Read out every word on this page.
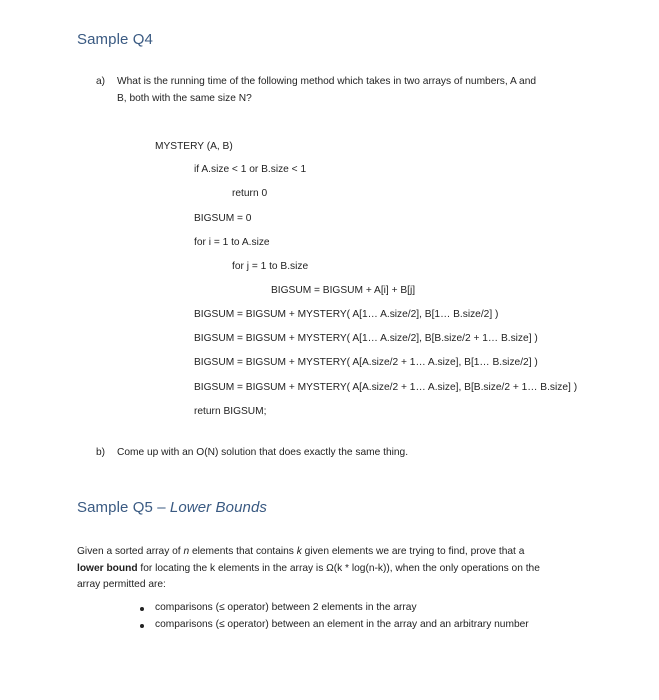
Sample Q4
a) What is the running time of the following method which takes in two arrays of numbers, A and
B, both with the same size N?
MYSTERY (A, B)
if A.size < 1 or B.size < 1
return 0
BIGSUM = 0
for i = 1 to A.size
for j = 1 to B.size
BIGSUM = BIGSUM + A[i] + B[j]
BIGSUM = BIGSUM + MYSTERY( A[1… A.size/2], B[1… B.size/2] )
BIGSUM = BIGSUM + MYSTERY( A[1… A.size/2], B[B.size/2 + 1… B.size] )
BIGSUM = BIGSUM + MYSTERY( A[A.size/2 + 1… A.size], B[1… B.size/2] )
BIGSUM = BIGSUM + MYSTERY( A[A.size/2 + 1… A.size], B[B.size/2 + 1… B.size] )
return BIGSUM;
b) Come up with an O(N) solution that does exactly the same thing.
Sample Q5 – Lower Bounds
Given a sorted array of n elements that contains k given elements we are trying to find, prove that a
lower bound for locating the k elements in the array is Ω(k * log(n-k)), when the only operations on the
array permitted are:
comparisons (≤ operator) between 2 elements in the array
comparisons (≤ operator) between an element in the array and an arbitrary number
